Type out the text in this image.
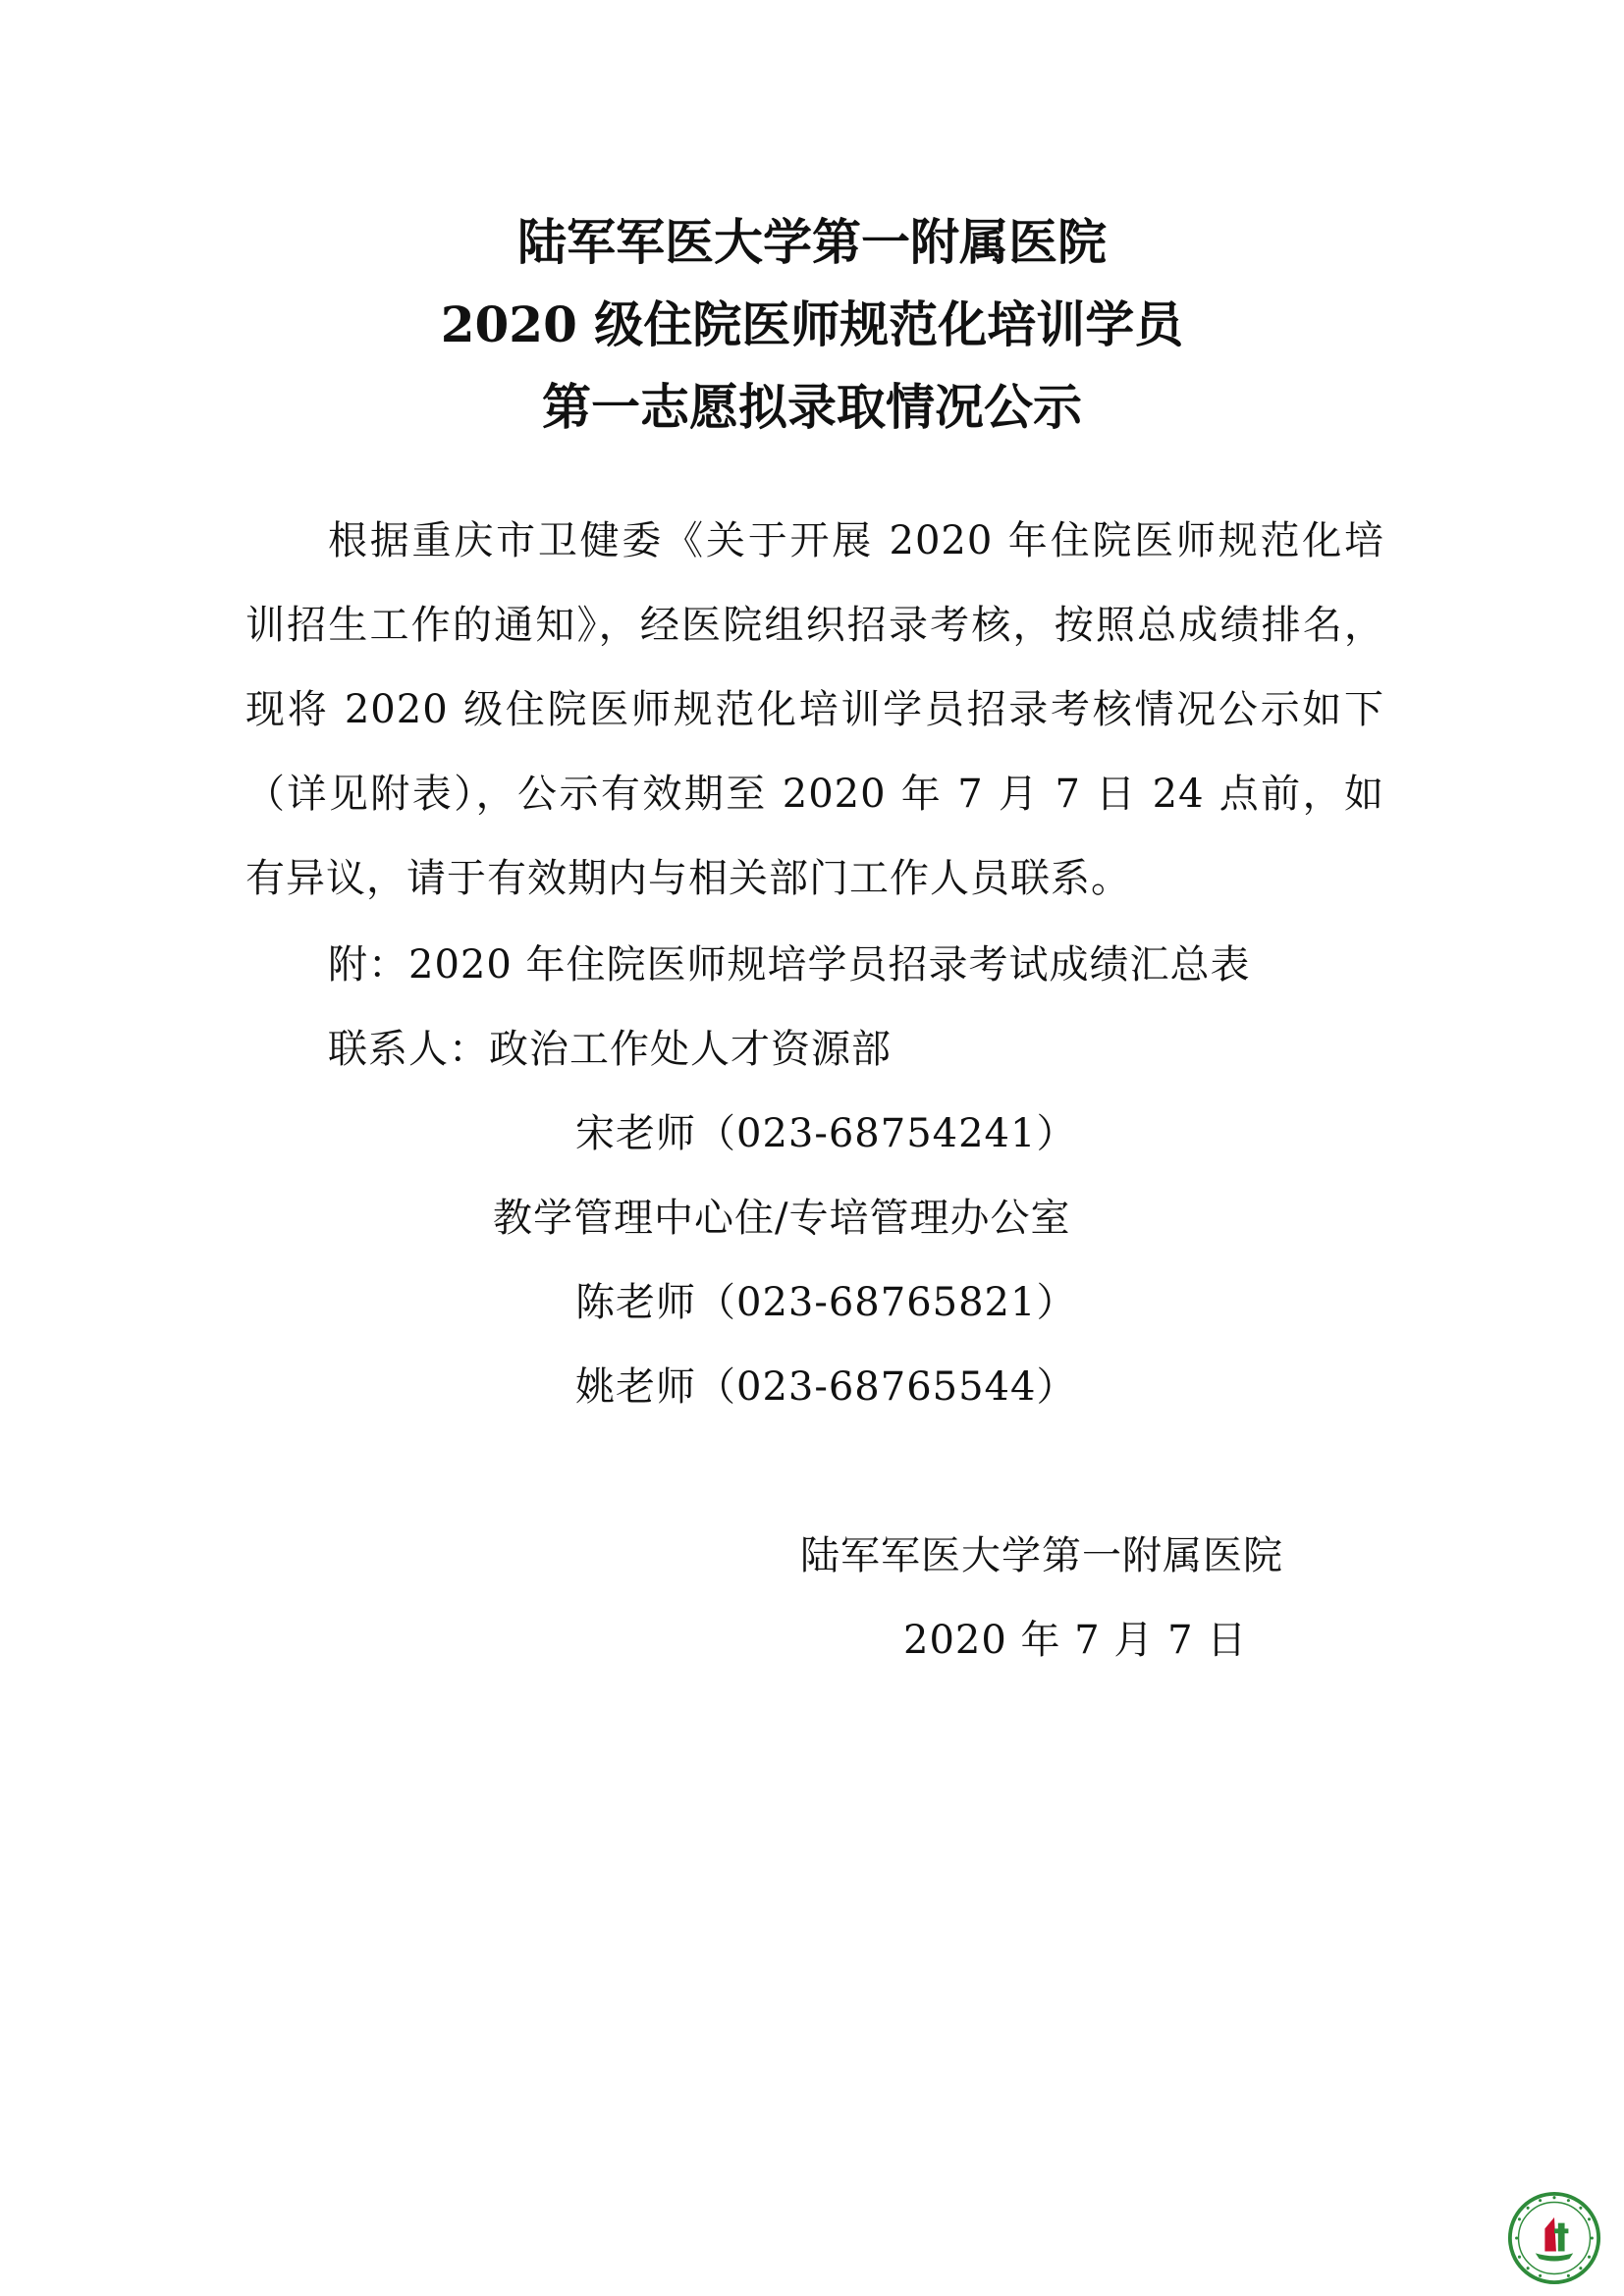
陆军军医大学第一附属医院
2020 级住院医师规范化培训学员
第一志愿拟录取情况公示
根据重庆市卫健委《关于开展 2020 年住院医师规范化培训招生工作的通知》，经医院组织招录考核，按照总成绩排名，现将 2020 级住院医师规范化培训学员招录考核情况公示如下（详见附表），公示有效期至 2020 年 7 月 7 日 24 点前，如有异议，请于有效期内与相关部门工作人员联系。
附：2020 年住院医师规培学员招录考试成绩汇总表
联系人：政治工作处人才资源部
宋老师（023-68754241）
教学管理中心住/专培管理办公室
陈老师（023-68765821）
姚老师（023-68765544）
陆军军医大学第一附属医院
2020 年 7 月 7 日
